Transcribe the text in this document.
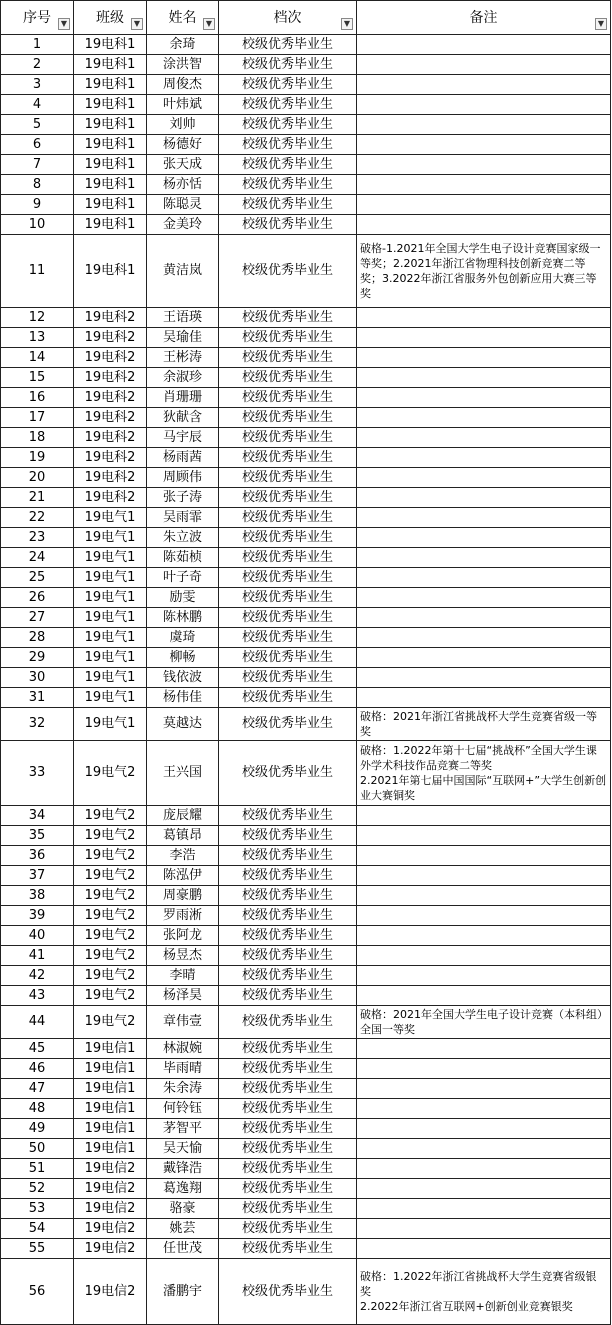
序号 ▼	班级 ▼	姓名 ▼	档次 ▼	备注 ▼

1	19电科1	余琦	校级优秀毕业生	
2	19电科1	涂洪智	校级优秀毕业生	
3	19电科1	周俊杰	校级优秀毕业生	
4	19电科1	叶炜斌	校级优秀毕业生	
5	19电科1	刘帅	校级优秀毕业生	
6	19电科1	杨德好	校级优秀毕业生	
7	19电科1	张天成	校级优秀毕业生	
8	19电科1	杨亦恬	校级优秀毕业生	
9	19电科1	陈聪灵	校级优秀毕业生	
10	19电科1	金美玲	校级优秀毕业生	
11	19电科1	黄洁岚	校级优秀毕业生	破格-1.2021年全国大学生电子设计竞赛国家级一等奖；2.2021年浙江省物理科技创新竞赛二等奖；3.2022年浙江省服务外包创新应用大赛三等奖
12	19电科2	王语瑛	校级优秀毕业生	
13	19电科2	吴瑜佳	校级优秀毕业生	
14	19电科2	王彬涛	校级优秀毕业生	
15	19电科2	余淑珍	校级优秀毕业生	
16	19电科2	肖珊珊	校级优秀毕业生	
17	19电科2	狄献含	校级优秀毕业生	
18	19电科2	马宇辰	校级优秀毕业生	
19	19电科2	杨雨茜	校级优秀毕业生	
20	19电科2	周顾伟	校级优秀毕业生	
21	19电科2	张子涛	校级优秀毕业生	
22	19电气1	吴雨霏	校级优秀毕业生	
23	19电气1	朱立波	校级优秀毕业生	
24	19电气1	陈茹桢	校级优秀毕业生	
25	19电气1	叶子奇	校级优秀毕业生	
26	19电气1	励雯	校级优秀毕业生	
27	19电气1	陈林鹏	校级优秀毕业生	
28	19电气1	虞琦	校级优秀毕业生	
29	19电气1	柳畅	校级优秀毕业生	
30	19电气1	钱依波	校级优秀毕业生	
31	19电气1	杨伟佳	校级优秀毕业生	
32	19电气1	莫越达	校级优秀毕业生	破格：2021年浙江省挑战杯大学生竞赛省级一等奖
33	19电气2	王兴国	校级优秀毕业生	破格：1.2022年第十七届“挑战杯”全国大学生课外学术科技作品竞赛二等奖
2.2021年第七届中国国际“互联网+”大学生创新创业大赛铜奖
34	19电气2	庞辰耀	校级优秀毕业生	
35	19电气2	葛镇昂	校级优秀毕业生	
36	19电气2	李浩	校级优秀毕业生	
37	19电气2	陈泓伊	校级优秀毕业生	
38	19电气2	周豪鹏	校级优秀毕业生	
39	19电气2	罗雨淅	校级优秀毕业生	
40	19电气2	张阿龙	校级优秀毕业生	
41	19电气2	杨昱杰	校级优秀毕业生	
42	19电气2	李晴	校级优秀毕业生	
43	19电气2	杨泽昊	校级优秀毕业生	
44	19电气2	章伟壹	校级优秀毕业生	破格：2021年全国大学生电子设计竞赛（本科组）全国一等奖
45	19电信1	林淑婉	校级优秀毕业生	
46	19电信1	毕雨晴	校级优秀毕业生	
47	19电信1	朱余涛	校级优秀毕业生	
48	19电信1	何铃钰	校级优秀毕业生	
49	19电信1	茅智平	校级优秀毕业生	
50	19电信1	吴天愉	校级优秀毕业生	
51	19电信2	戴锋浩	校级优秀毕业生	
52	19电信2	葛逸翔	校级优秀毕业生	
53	19电信2	骆豪	校级优秀毕业生	
54	19电信2	姚芸	校级优秀毕业生	
55	19电信2	任世茂	校级优秀毕业生	
56	19电信2	潘鹏宇	校级优秀毕业生	破格：1.2022年浙江省挑战杯大学生竞赛省级银奖
2.2022年浙江省互联网+创新创业竞赛银奖
